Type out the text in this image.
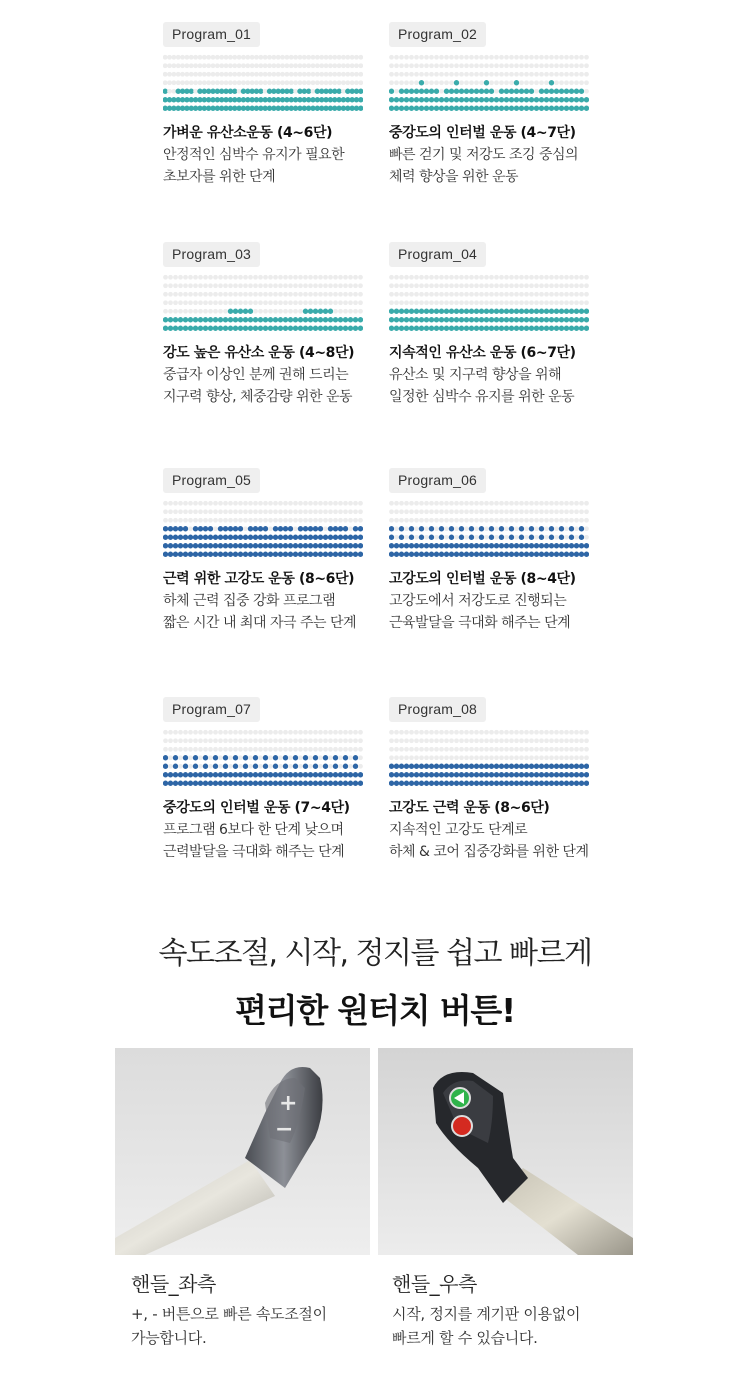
Program_01
가벼운 유산소운동 (4~6단)
안정적인 심박수 유지가 필요한
초보자를 위한 단계
Program_02
중강도의 인터벌 운동 (4~7단)
빠른 걷기 및 저강도 조깅 중심의
체력 향상을 위한 운동
Program_03
강도 높은 유산소 운동 (4~8단)
중급자 이상인 분께 권해 드리는
지구력 향상, 체중감량 위한 운동
Program_04
지속적인 유산소 운동 (6~7단)
유산소 및 지구력 향상을 위해
일정한 심박수 유지를 위한 운동
Program_05
근력 위한 고강도 운동 (8~6단)
하체 근력 집중 강화 프로그램
짧은 시간 내 최대 자극 주는 단계
Program_06
고강도의 인터벌 운동 (8~4단)
고강도에서 저강도로 진행되는
근육발달을 극대화 해주는 단계
Program_07
중강도의 인터벌 운동 (7~4단)
프로그램 6보다 한 단계 낮으며
근력발달을 극대화 해주는 단계
Program_08
고강도 근력 운동 (8~6단)
지속적인 고강도 단계로
하체 & 코어 집중강화를 위한 단계
속도조절, 시작, 정지를 쉽고 빠르게
편리한 원터치 버튼!
+
−
핸들_좌측
+, - 버튼으로 빠른 속도조절이
가능합니다.
핸들_우측
시작, 정지를 계기판 이용없이
빠르게 할 수 있습니다.
